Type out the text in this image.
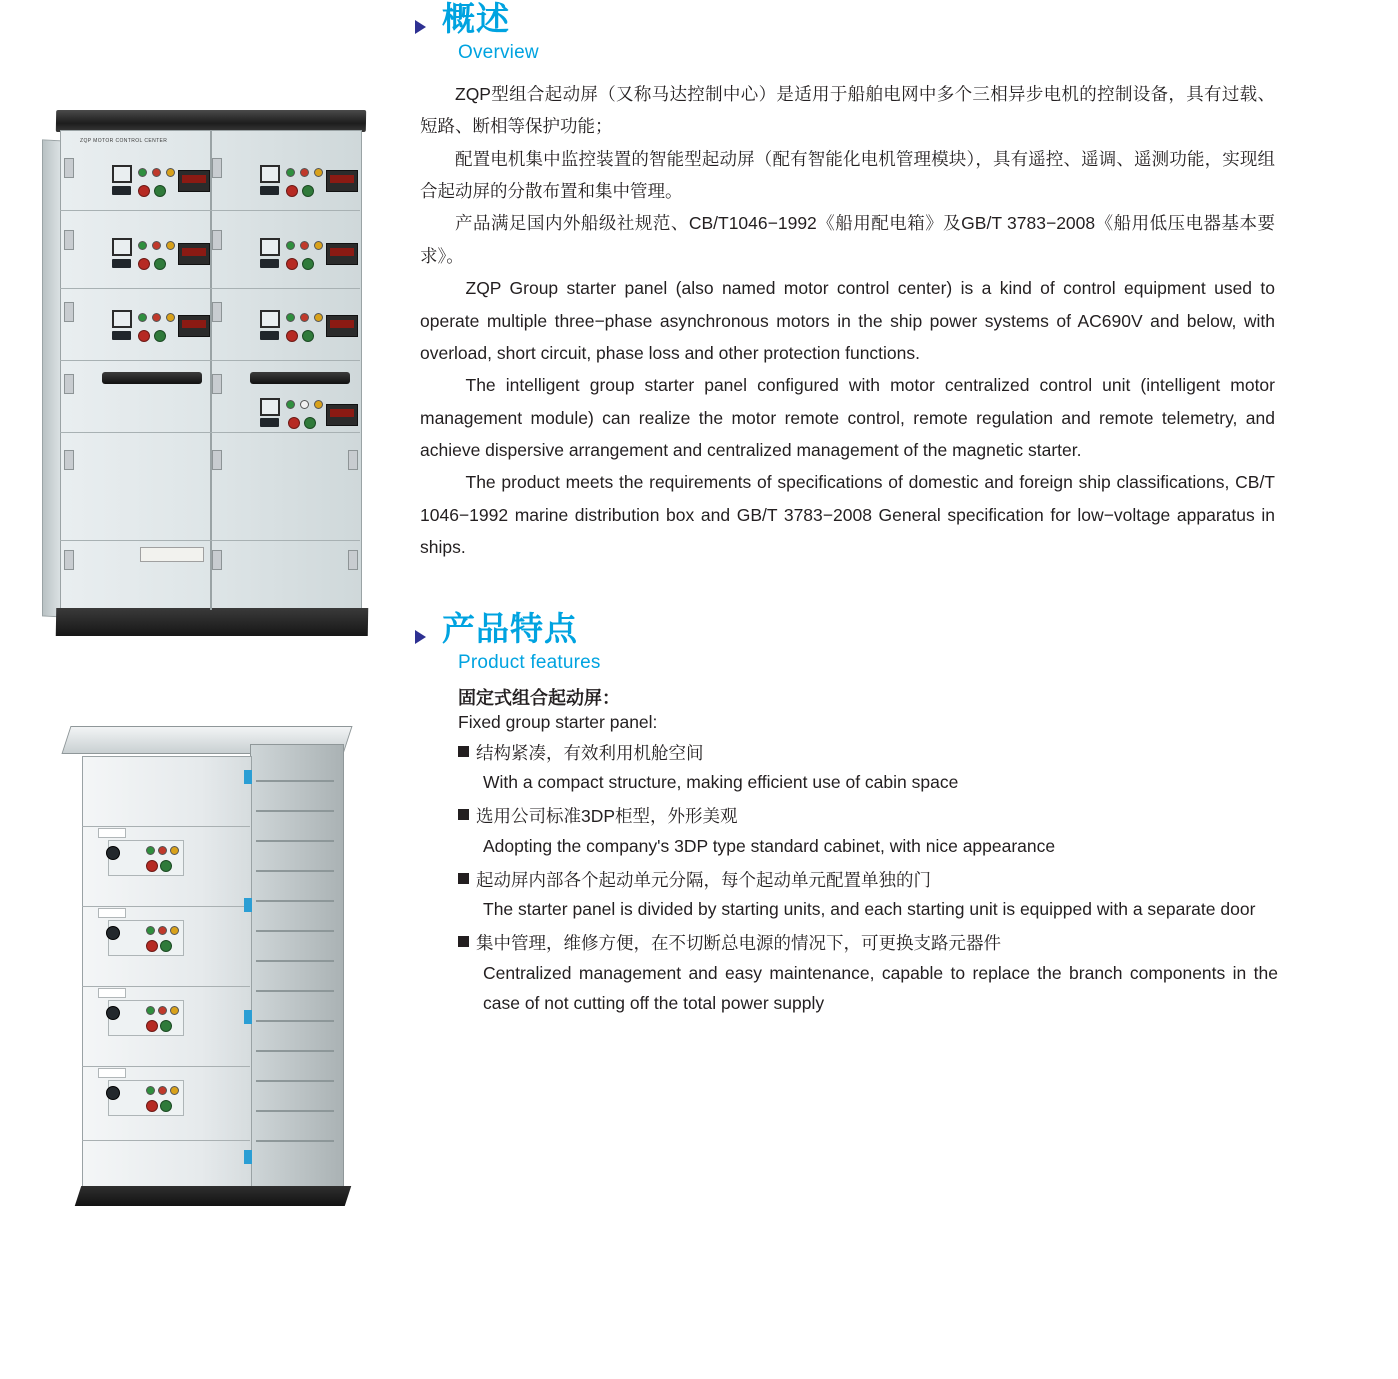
ZQP MOTOR CONTROL CENTER
概述
Overview

ZQP型组合起动屏（又称马达控制中心）是适用于船舶电网中多个三相异步电机的控制设备，具有过载、短路、断相等保护功能；

配置电机集中监控装置的智能型起动屏（配有智能化电机管理模块），具有遥控、遥调、遥测功能，实现组合起动屏的分散布置和集中管理。

产品满足国内外船级社规范、CB/T1046−1992《船用配电箱》及GB/T 3783−2008《船用低压电器基本要求》。

ZQP Group starter panel (also named motor control center) is a kind of control equipment used to operate multiple three−phase asynchronous motors in the ship power systems of AC690V and below, with overload, short circuit, phase loss and other protection functions.

The intelligent group starter panel configured with motor centralized control unit (intelligent motor management module) can realize the motor remote control, remote regulation and remote telemetry, and achieve dispersive arrangement and centralized management of the magnetic starter.

The product meets the requirements of specifications of domestic and foreign ship classifications, CB/T 1046−1992 marine distribution box and GB/T 3783−2008 General specification for low−voltage apparatus in ships.

产品特点
Product features
固定式组合起动屏：
Fixed group starter panel:
结构紧凑，有效利用机舱空间
With a compact structure, making efficient use of cabin space
选用公司标准3DP柜型，外形美观
Adopting the company's 3DP type standard cabinet, with nice appearance
起动屏内部各个起动单元分隔，每个起动单元配置单独的门
The starter panel is divided by starting units, and each starting unit is equipped with a separate door
集中管理，维修方便，在不切断总电源的情况下，可更换支路元器件
Centralized management and easy maintenance, capable to replace the branch components in the case of not cutting off the total power supply
